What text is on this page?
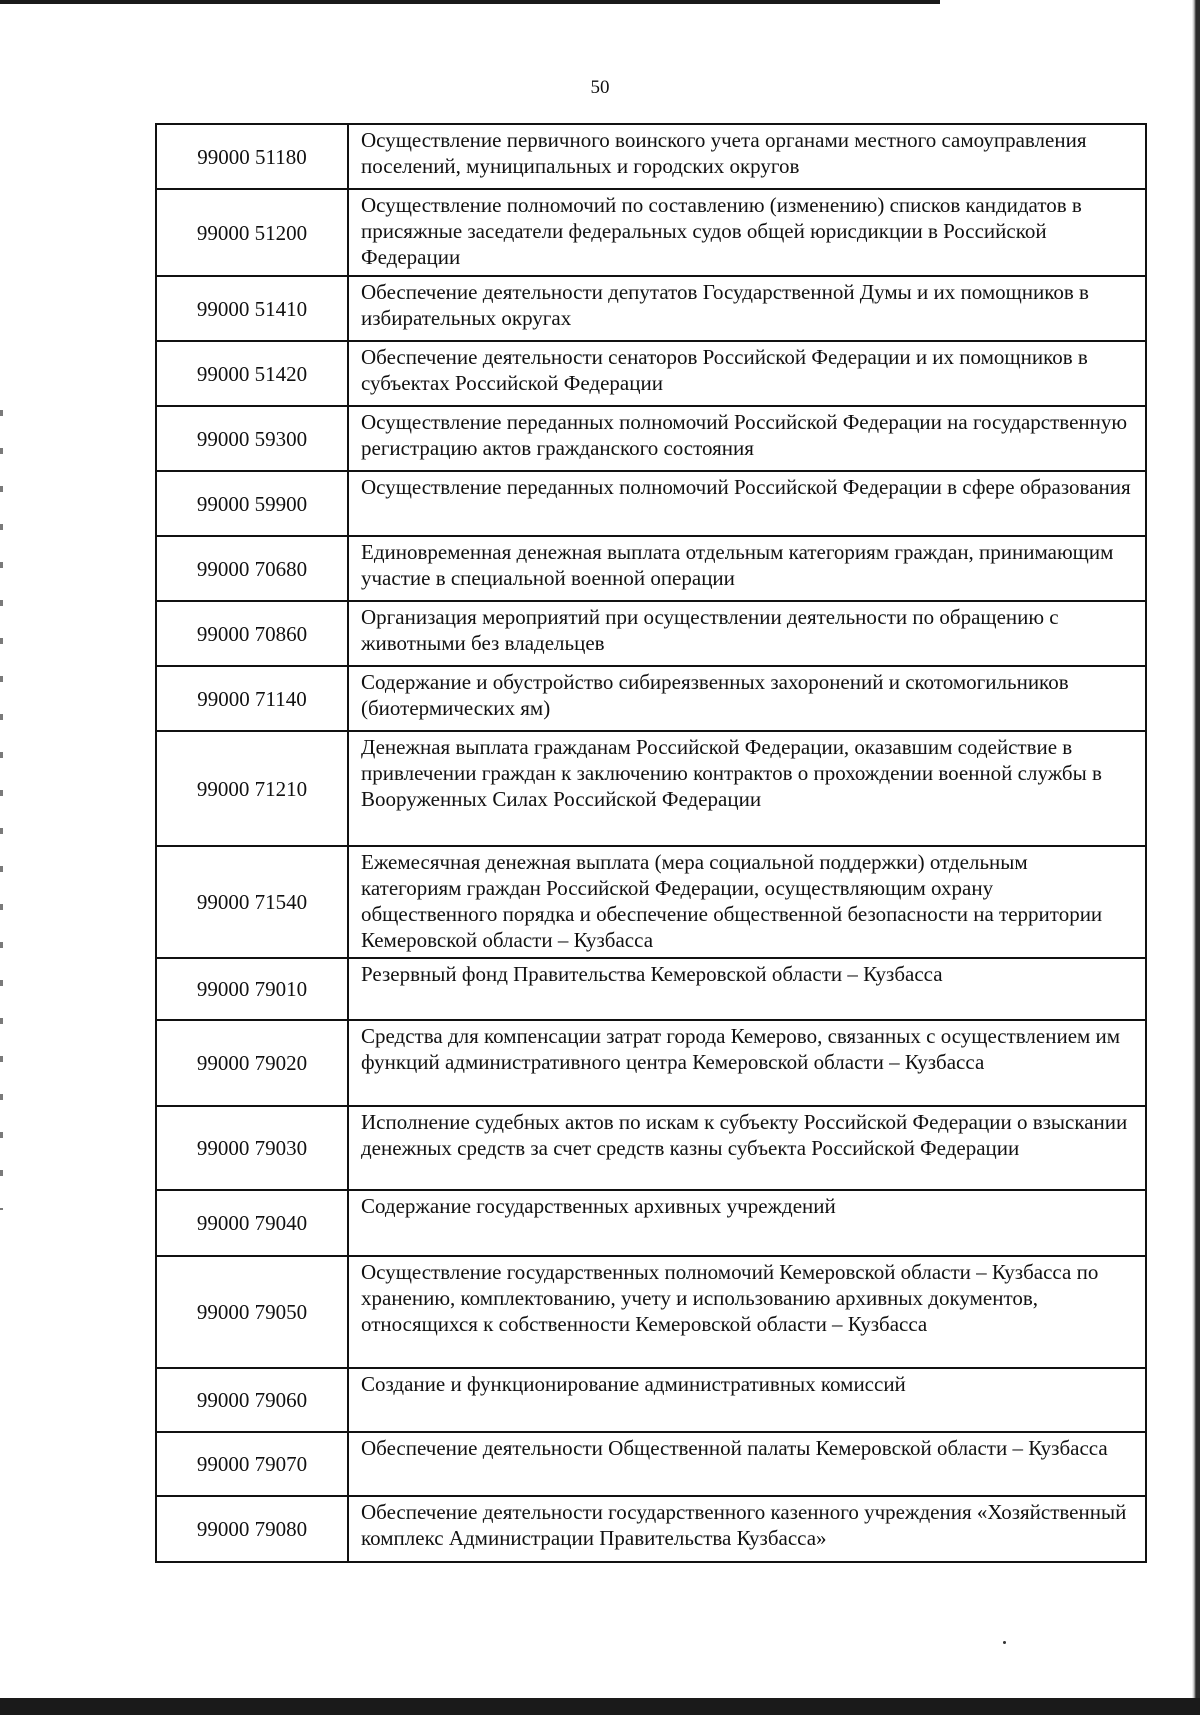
50
99000 51180	Осуществление первичного воинского учета органами местного самоуправления поселений, муниципальных и городских округов
99000 51200	Осуществление полномочий по составлению (изменению) списков кандидатов в присяжные заседатели федеральных судов общей юрисдикции в Российской Федерации
99000 51410	Обеспечение деятельности депутатов Государственной Думы и их помощников в избирательных округах
99000 51420	Обеспечение деятельности сенаторов Российской Федерации и их помощников в субъектах Российской Федерации
99000 59300	Осуществление переданных полномочий Российской Федерации на государственную регистрацию актов гражданского состояния
99000 59900	Осуществление переданных полномочий Российской Федерации в сфере образования
99000 70680	Единовременная денежная выплата отдельным категориям граждан, принимающим участие в специальной военной операции
99000 70860	Организация мероприятий при осуществлении деятельности по обращению с животными без владельцев
99000 71140	Содержание и обустройство сибиреязвенных захоронений и скотомогильников (биотермических ям)
99000 71210	Денежная выплата гражданам Российской Федерации, оказавшим содействие в привлечении граждан к заключению контрактов о прохождении военной службы в Вооруженных Силах Российской Федерации
99000 71540	Ежемесячная денежная выплата (мера социальной поддержки) отдельным категориям граждан Российской Федерации, осуществляющим охрану общественного порядка и обеспечение общественной безопасности на территории Кемеровской области – Кузбасса
99000 79010	Резервный фонд Правительства Кемеровской области – Кузбасса
99000 79020	Средства для компенсации затрат города Кемерово, связанных с осуществлением им функций административного центра Кемеровской области – Кузбасса
99000 79030	Исполнение судебных актов по искам к субъекту Российской Федерации о взыскании денежных средств за счет средств казны субъекта Российской Федерации
99000 79040	Содержание государственных архивных учреждений
99000 79050	Осуществление государственных полномочий Кемеровской области – Кузбасса по хранению, комплектованию, учету и использованию архивных документов, относящихся к собственности Кемеровской области – Кузбасса
99000 79060	Создание и функционирование административных комиссий
99000 79070	Обеспечение деятельности Общественной палаты Кемеровской области – Кузбасса
99000 79080	Обеспечение деятельности государственного казенного учреждения «Хозяйственный комплекс Администрации Правительства Кузбасса»
